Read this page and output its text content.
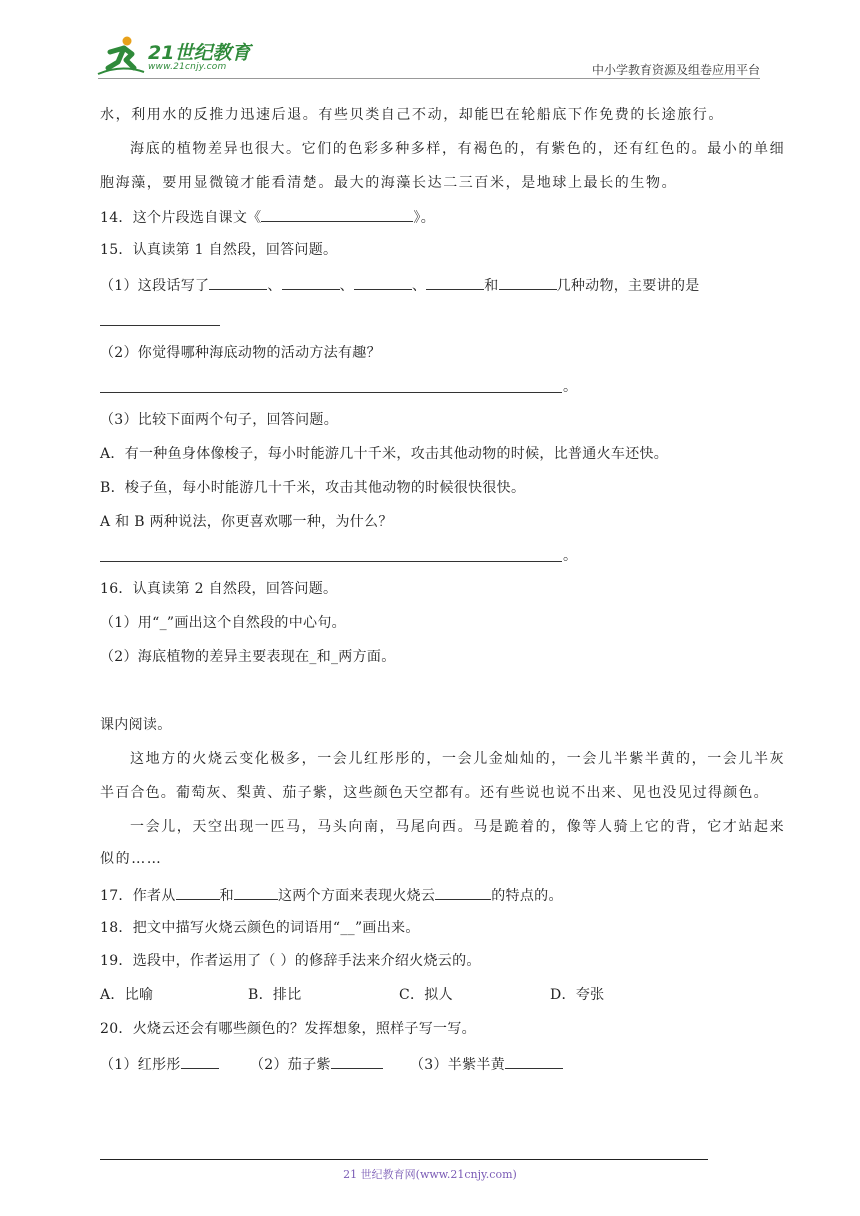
21世纪教育
www.21cnjy.com	中小学教育资源及组卷应用平台
水，利用水的反推力迅速后退。有些贝类自己不动，却能巴在轮船底下作免费的长途旅行。
海底的植物差异也很大。它们的色彩多种多样，有褐色的，有紫色的，还有红色的。最小的单细
胞海藻，要用显微镜才能看清楚。最大的海藻长达二三百米，是地球上最长的生物。
14．这个片段选自课文《	》。
15．认真读第 1 自然段，回答问题。
（1）这段话写了	、	、	、	和	几种动物，主要讲的是
（2）你觉得哪种海底动物的活动方法有趣？
。
（3）比较下面两个句子，回答问题。
A．有一种鱼身体像梭子，每小时能游几十千米，攻击其他动物的时候，比普通火车还快。
B．梭子鱼，每小时能游几十千米，攻击其他动物的时候很快很快。
A 和 B 两种说法，你更喜欢哪一种，为什么？
。
16．认真读第 2 自然段，回答问题。
（1）用“_”画出这个自然段的中心句。
（2）海底植物的差异主要表现在_和_两方面。
课内阅读。
这地方的火烧云变化极多，一会儿红彤彤的，一会儿金灿灿的，一会儿半紫半黄的，一会儿半灰
半百合色。葡萄灰、梨黄、茄子紫，这些颜色天空都有。还有些说也说不出来、见也没见过得颜色。
一会儿，天空出现一匹马，马头向南，马尾向西。马是跪着的，像等人骑上它的背，它才站起来
似的……
17．作者从	和	这两个方面来表现火烧云	的特点的。
18．把文中描写火烧云颜色的词语用“__”画出来。
19．选段中，作者运用了（ ）的修辞手法来介绍火烧云的。
A．比喻	B．排比	C．拟人	D．夸张
20．火烧云还会有哪些颜色的？发挥想象，照样子写一写。
（1）红彤彤	（2）茄子紫	（3）半紫半黄
21 世纪教育网(www.21cnjy.com)
